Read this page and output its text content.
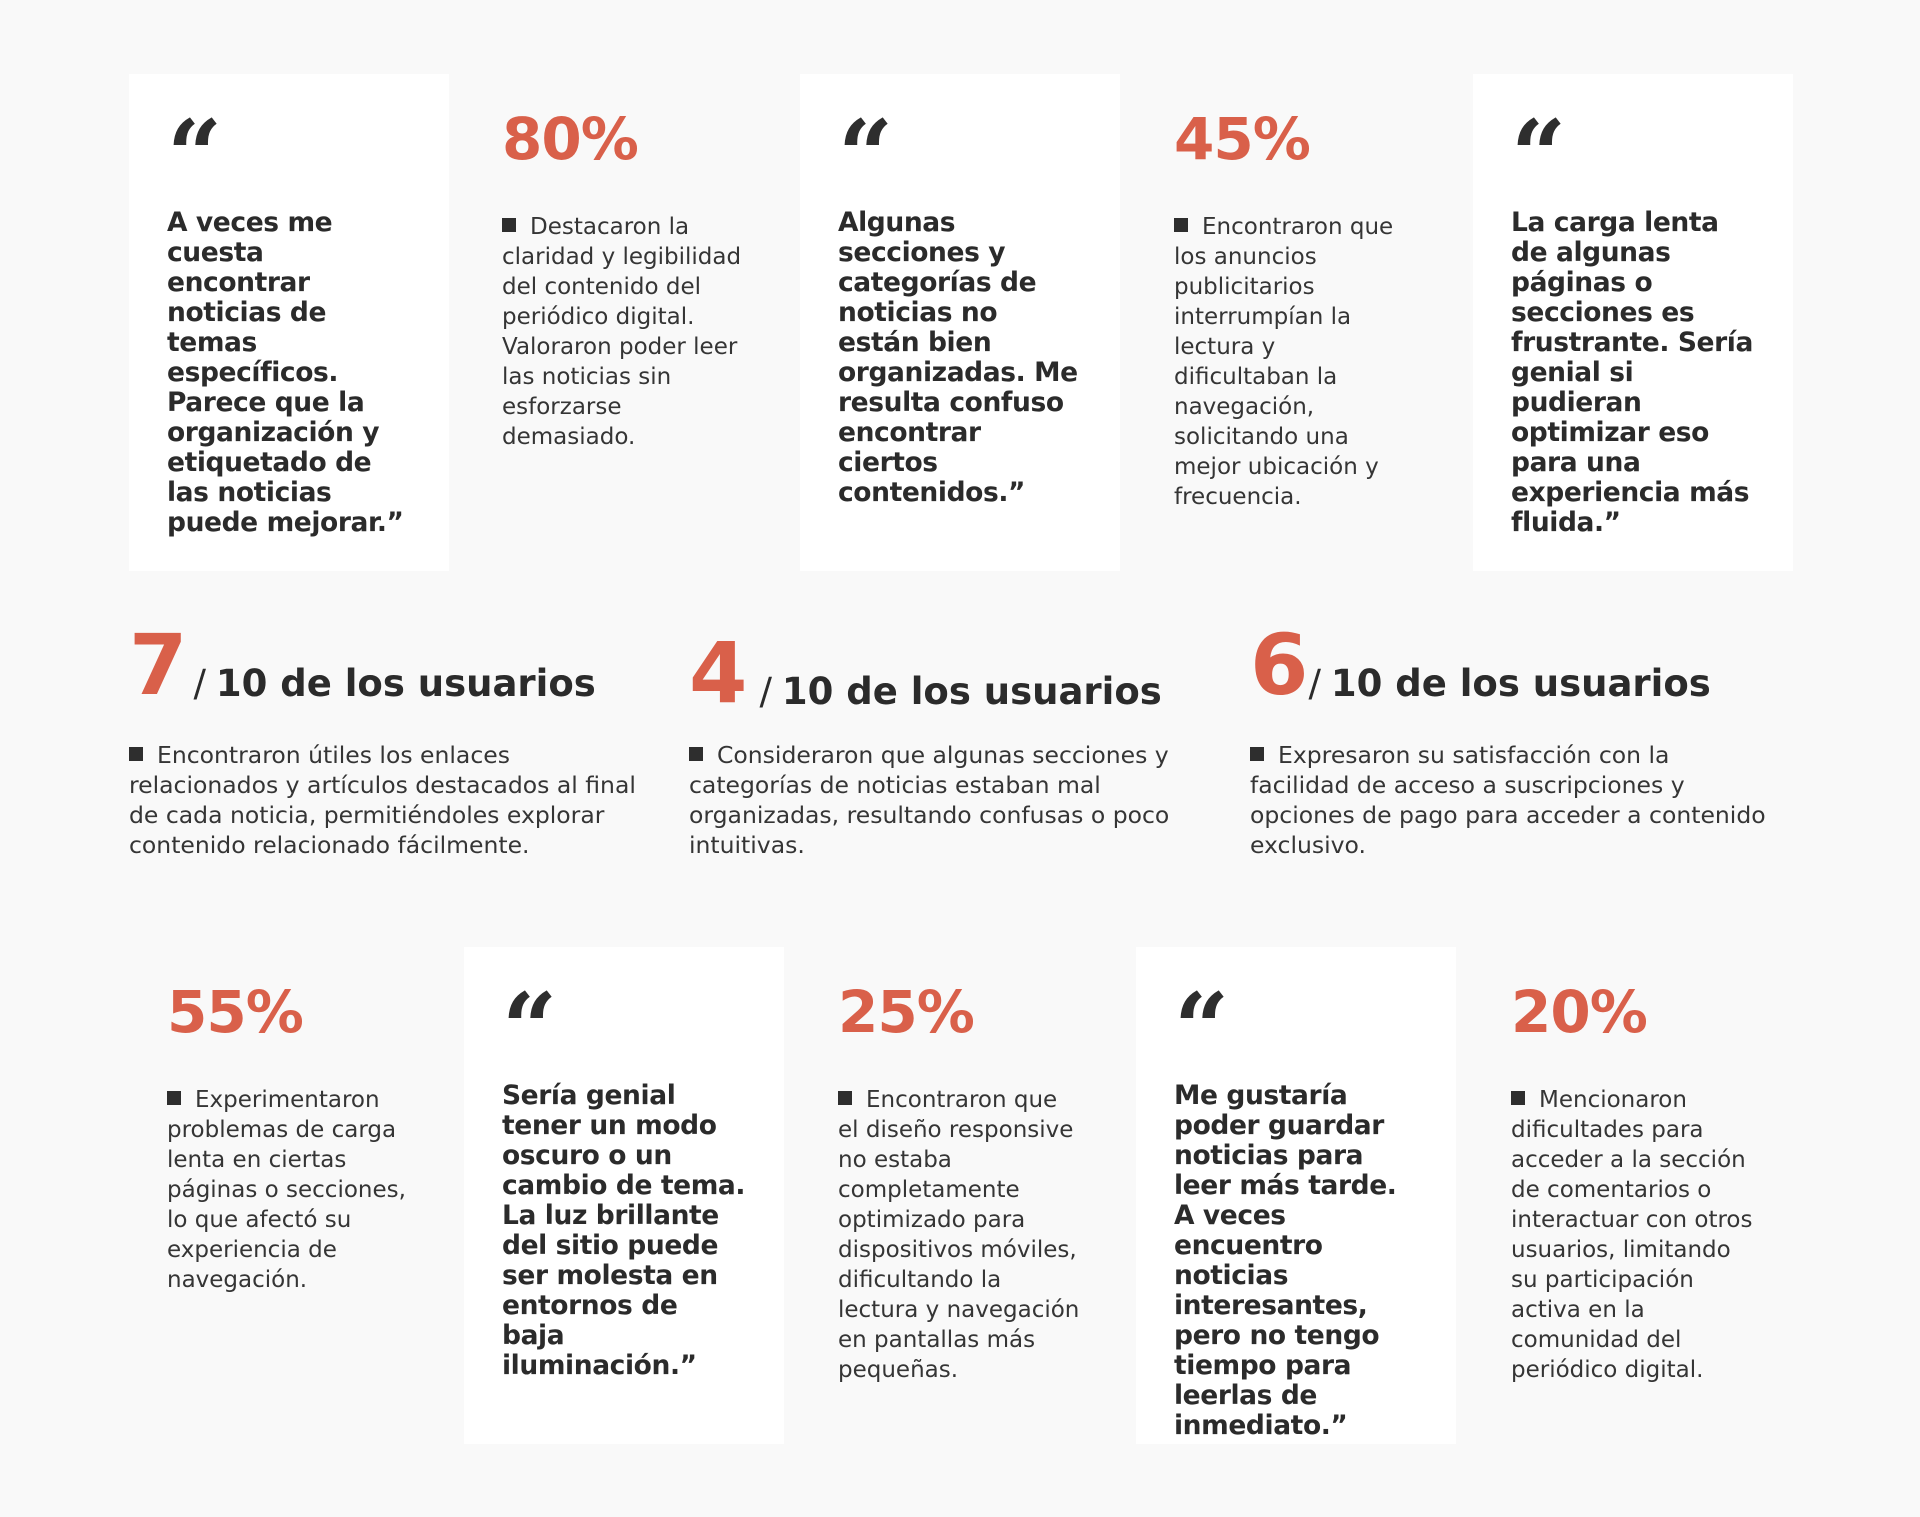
“
A veces me cuesta encontrar noticias de temas específicos. Parece que la organización y etiquetado de las noticias puede mejorar.”
80%
Destacaron la claridad y legibilidad del contenido del periódico digital. Valoraron poder leer las noticias sin esforzarse demasiado.
“
Algunas secciones y categorías de noticias no están bien organizadas. Me resulta confuso encontrar ciertos contenidos.”
45%
Encontraron que los anuncios publicitarios interrumpían la lectura y dificultaban la navegación, solicitando una mejor ubicación y frecuencia.
“
La carga lenta de algunas páginas o secciones es frustrante. Sería genial si pudieran optimizar eso para una experiencia más fluida.”
7 / 10 de los usuarios
Encontraron útiles los enlaces relacionados y artículos destacados al final de cada noticia, permitiéndoles explorar contenido relacionado fácilmente.
4 / 10 de los usuarios
Consideraron que algunas secciones y categorías de noticias estaban mal organizadas, resultando confusas o poco intuitivas.
6 / 10 de los usuarios
Expresaron su satisfacción con la facilidad de acceso a suscripciones y opciones de pago para acceder a contenido exclusivo.
55%
Experimentaron problemas de carga lenta en ciertas páginas o secciones, lo que afectó su experiencia de navegación.
“
Sería genial tener un modo oscuro o un cambio de tema. La luz brillante del sitio puede ser molesta en entornos de baja iluminación.”
25%
Encontraron que el diseño responsive no estaba completamente optimizado para dispositivos móviles, dificultando la lectura y navegación en pantallas más pequeñas.
“
Me gustaría poder guardar noticias para leer más tarde. A veces encuentro noticias interesantes, pero no tengo tiempo para leerlas de inmediato.”
20%
Mencionaron dificultades para acceder a la sección de comentarios o interactuar con otros usuarios, limitando su participación activa en la comunidad del periódico digital.
